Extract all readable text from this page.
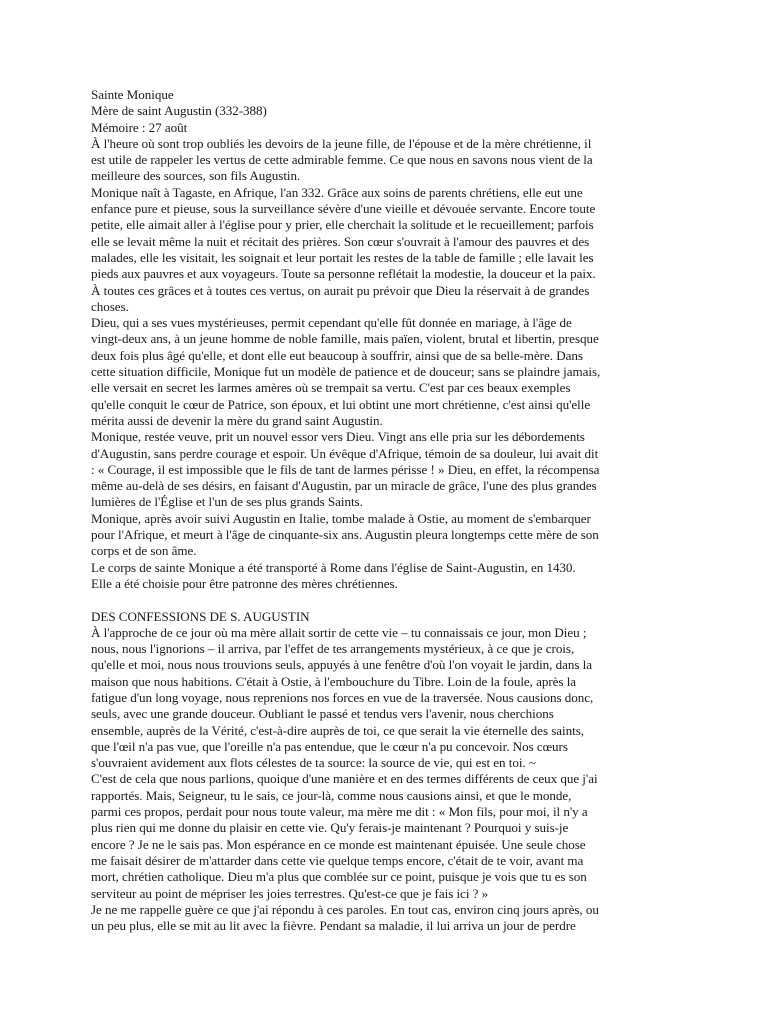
Sainte Monique
Mère de saint Augustin (332-388)
Mémoire : 27 août
À l'heure où sont trop oubliés les devoirs de la jeune fille, de l'épouse et de la mère chrétienne, il
est utile de rappeler les vertus de cette admirable femme. Ce que nous en savons nous vient de la
meilleure des sources, son fils Augustin.
Monique naît à Tagaste, en Afrique, l'an 332. Grâce aux soins de parents chrétiens, elle eut une
enfance pure et pieuse, sous la surveillance sévère d'une vieille et dévouée servante. Encore toute
petite, elle aimait aller à l'église pour y prier, elle cherchait la solitude et le recueillement; parfois
elle se levait même la nuit et récitait des prières. Son cœur s'ouvrait à l'amour des pauvres et des
malades, elle les visitait, les soignait et leur portait les restes de la table de famille ; elle lavait les
pieds aux pauvres et aux voyageurs. Toute sa personne reflétait la modestie, la douceur et la paix.
À toutes ces grâces et à toutes ces vertus, on aurait pu prévoir que Dieu la réservait à de grandes
choses.
Dieu, qui a ses vues mystérieuses, permit cependant qu'elle fût donnée en mariage, à l'âge de
vingt-deux ans, à un jeune homme de noble famille, mais païen, violent, brutal et libertin, presque
deux fois plus âgé qu'elle, et dont elle eut beaucoup à souffrir, ainsi que de sa belle-mère. Dans
cette situation difficile, Monique fut un modèle de patience et de douceur; sans se plaindre jamais,
elle versait en secret les larmes amères où se trempait sa vertu. C'est par ces beaux exemples
qu'elle conquit le cœur de Patrice, son époux, et lui obtint une mort chrétienne, c'est ainsi qu'elle
mérita aussi de devenir la mère du grand saint Augustin.
Monique, restée veuve, prit un nouvel essor vers Dieu. Vingt ans elle pria sur les débordements
d'Augustin, sans perdre courage et espoir. Un évêque d'Afrique, témoin de sa douleur, lui avait dit
: « Courage, il est impossible que le fils de tant de larmes périsse ! » Dieu, en effet, la récompensa
même au-delà de ses désirs, en faisant d'Augustin, par un miracle de grâce, l'une des plus grandes
lumières de l'Église et l'un de ses plus grands Saints.
Monique, après avoir suivi Augustin en Italie, tombe malade à Ostie, au moment de s'embarquer
pour l'Afrique, et meurt à l'âge de cinquante-six ans. Augustin pleura longtemps cette mère de son
corps et de son âme.
Le corps de sainte Monique a été transporté à Rome dans l'église de Saint-Augustin, en 1430.
Elle a été choisie pour être patronne des mères chrétiennes.
DES CONFESSIONS DE S. AUGUSTIN
À l'approche de ce jour où ma mère allait sortir de cette vie – tu connaissais ce jour, mon Dieu ;
nous, nous l'ignorions – il arriva, par l'effet de tes arrangements mystérieux, à ce que je crois,
qu'elle et moi, nous nous trouvions seuls, appuyés à une fenêtre d'où l'on voyait le jardin, dans la
maison que nous habitions. C'était à Ostie, à l'embouchure du Tibre. Loin de la foule, après la
fatigue d'un long voyage, nous reprenions nos forces en vue de la traversée. Nous causions donc,
seuls, avec une grande douceur. Oubliant le passé et tendus vers l'avenir, nous cherchions
ensemble, auprès de la Vérité, c'est-à-dire auprès de toi, ce que serait la vie éternelle des saints,
que l'œil n'a pas vue, que l'oreille n'a pas entendue, que le cœur n'a pu concevoir. Nos cœurs
s'ouvraient avidement aux flots célestes de ta source: la source de vie, qui est en toi. ~
C'est de cela que nous parlions, quoique d'une manière et en des termes différents de ceux que j'ai
rapportés. Mais, Seigneur, tu le sais, ce jour-là, comme nous causions ainsi, et que le monde,
parmi ces propos, perdait pour nous toute valeur, ma mère me dit : « Mon fils, pour moi, il n'y a
plus rien qui me donne du plaisir en cette vie. Qu'y ferais-je maintenant ? Pourquoi y suis-je
encore ? Je ne le sais pas. Mon espérance en ce monde est maintenant épuisée. Une seule chose
me faisait désirer de m'attarder dans cette vie quelque temps encore, c'était de te voir, avant ma
mort, chrétien catholique. Dieu m'a plus que comblée sur ce point, puisque je vois que tu es son
serviteur au point de mépriser les joies terrestres. Qu'est-ce que je fais ici ? »
Je ne me rappelle guère ce que j'ai répondu à ces paroles. En tout cas, environ cinq jours après, ou
un peu plus, elle se mit au lit avec la fièvre. Pendant sa maladie, il lui arriva un jour de perdre
